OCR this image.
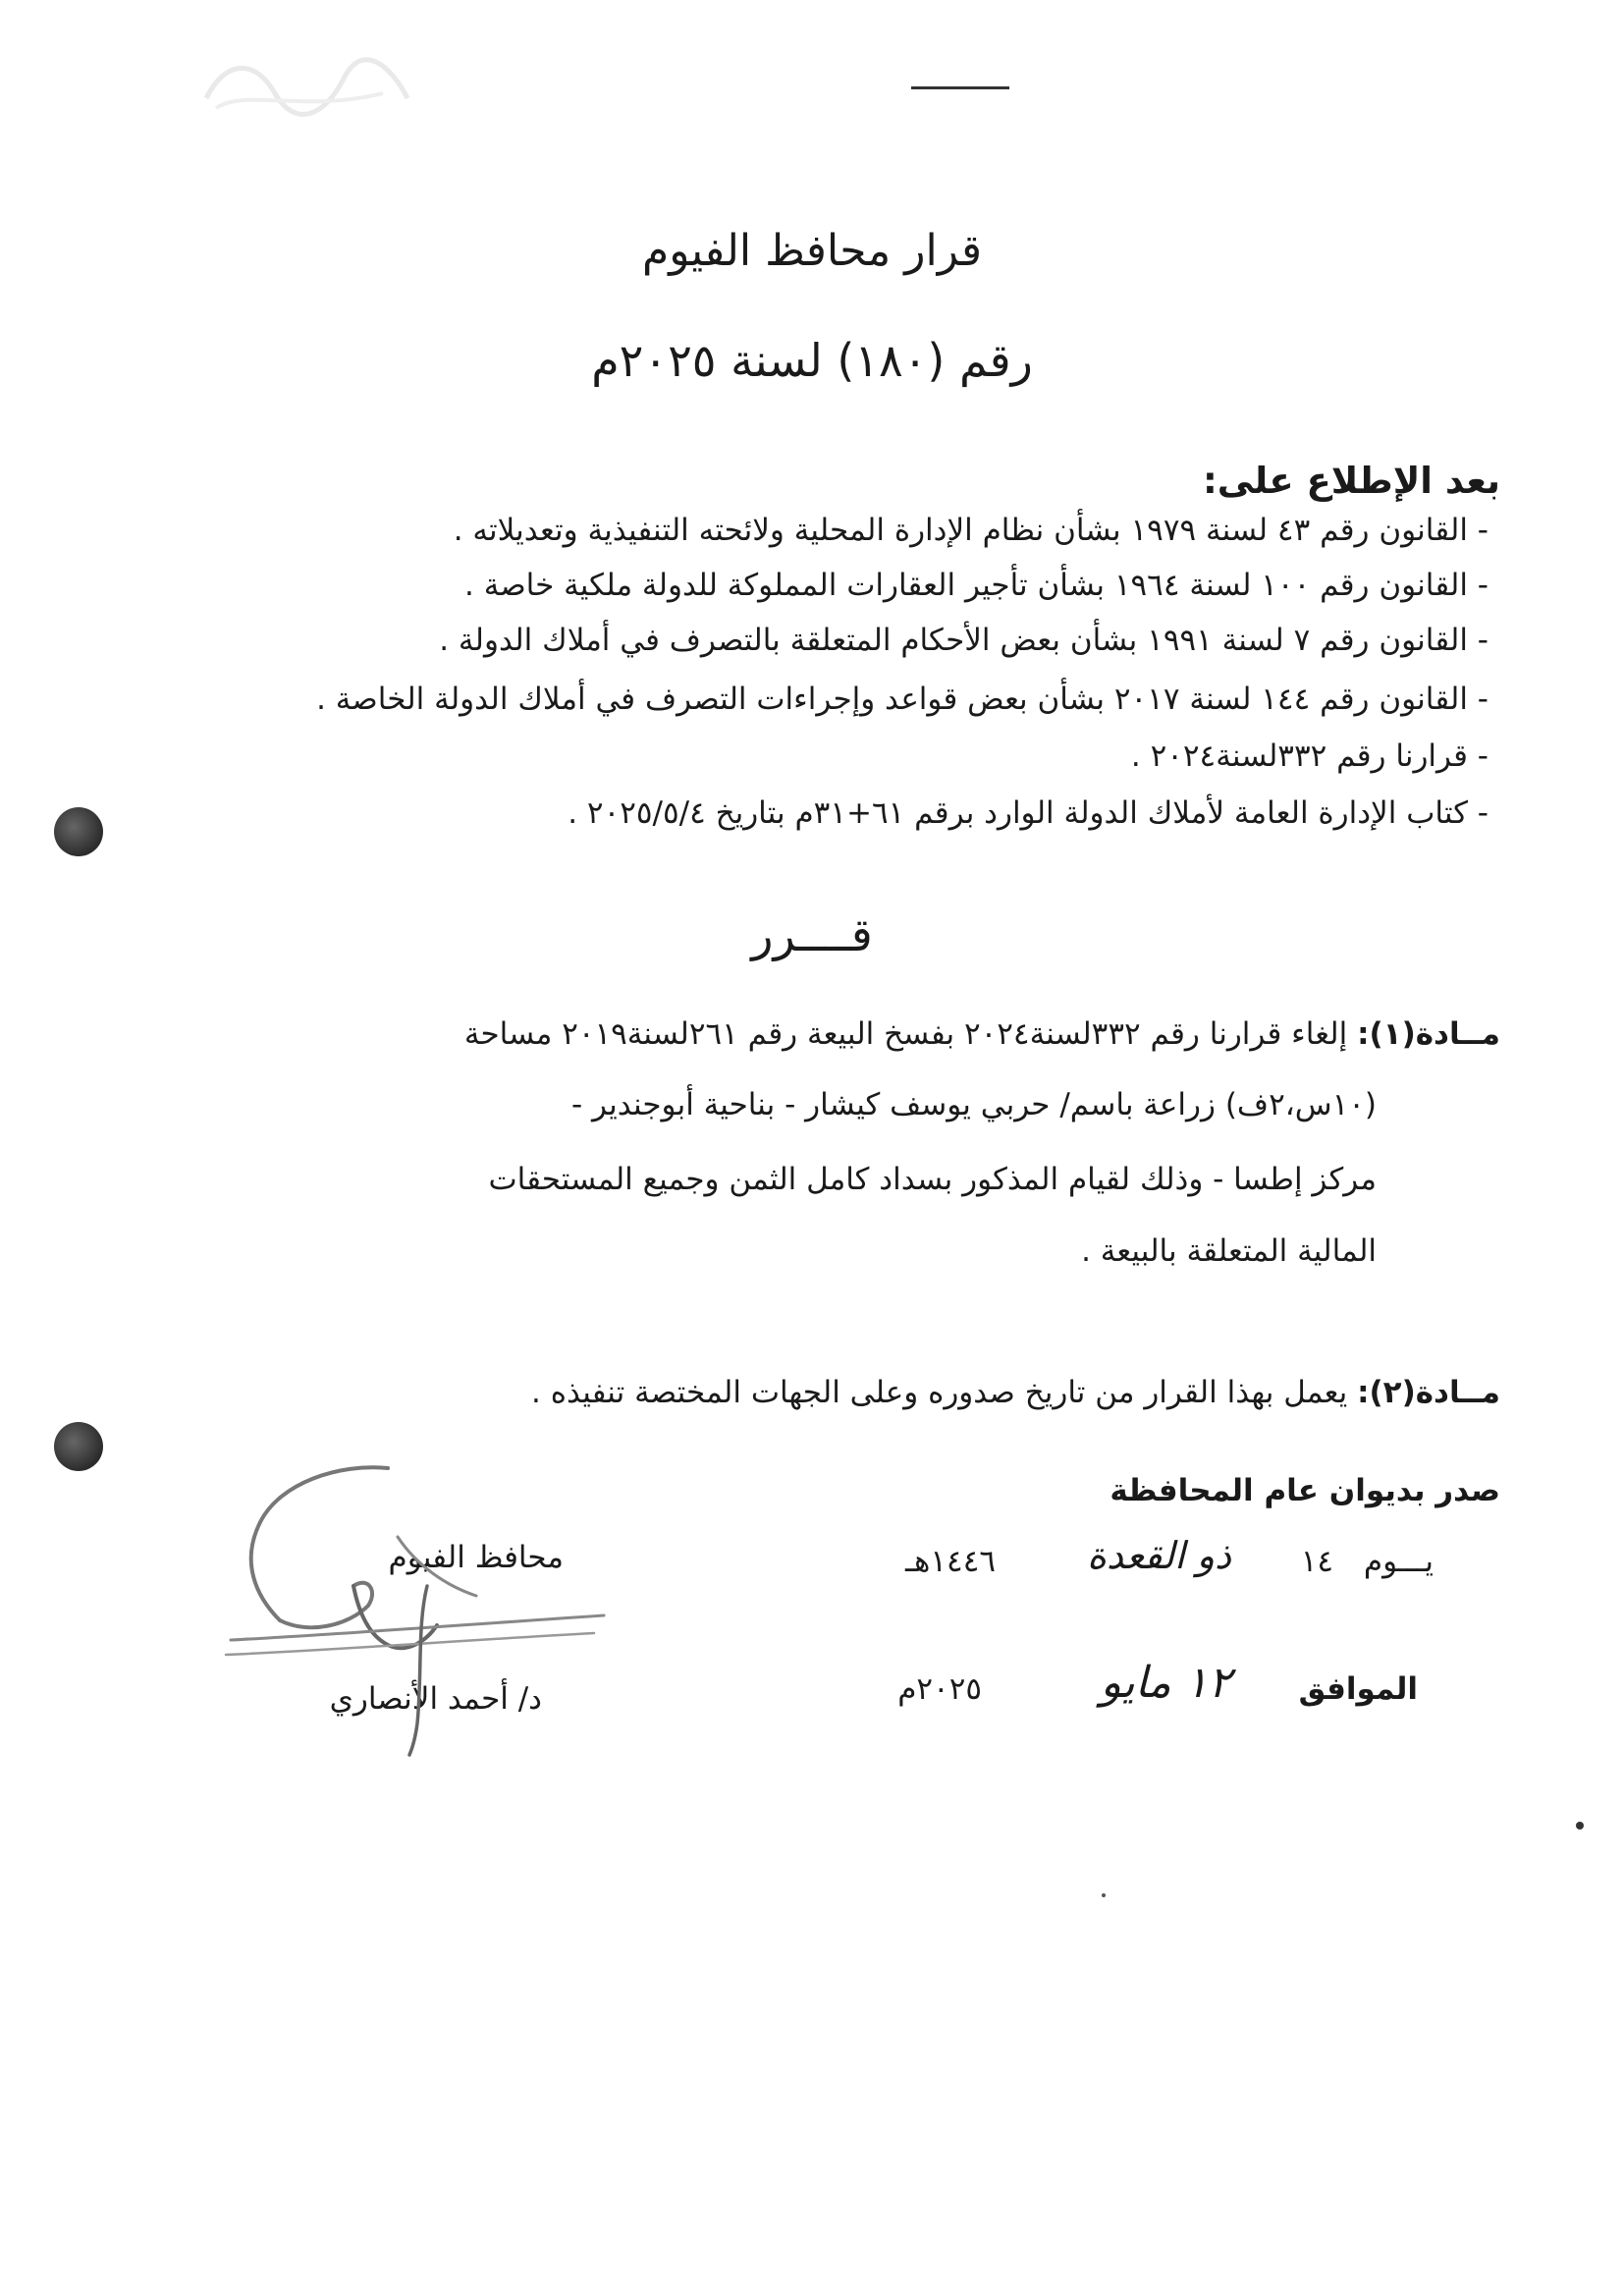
قرار محافظ الفيوم
رقم (١٨٠) لسنة ٢٠٢٥م
بعد الإطلاع على:
- القانون رقم ٤٣ لسنة ١٩٧٩ بشأن نظام الإدارة المحلية ولائحته التنفيذية وتعديلاته .
- القانون رقم ١٠٠ لسنة ١٩٦٤ بشأن تأجير العقارات المملوكة للدولة ملكية خاصة .
- القانون رقم ٧ لسنة ١٩٩١ بشأن بعض الأحكام المتعلقة بالتصرف في أملاك الدولة .
- القانون رقم ١٤٤ لسنة ٢٠١٧ بشأن بعض قواعد وإجراءات التصرف في أملاك الدولة الخاصة .
- قرارنا رقم ٣٣٢لسنة٢٠٢٤ .
- كتاب الإدارة العامة لأملاك الدولة الوارد برقم ٦١+٣١م بتاريخ ٢٠٢٥/٥/٤ .
قــــرر
مــادة(١): إلغاء قرارنا رقم ٣٣٢لسنة٢٠٢٤ بفسخ البيعة رقم ٢٦١لسنة٢٠١٩ مساحة
(١٠س،٢ف) زراعة باسم/ حربي يوسف كيشار - بناحية أبوجندير -
مركز إطسا - وذلك لقيام المذكور بسداد كامل الثمن وجميع المستحقات
المالية المتعلقة بالبيعة .
مــادة(٢): يعمل بهذا القرار من تاريخ صدوره وعلى الجهات المختصة تنفيذه .
صدر بديوان عام المحافظة
يـــوم
١٤
ذو القعدة
١٤٤٦هـ
الموافق
١٢ مايو
٢٠٢٥م
محافظ الفيوم
د/ أحمد الأنصاري
